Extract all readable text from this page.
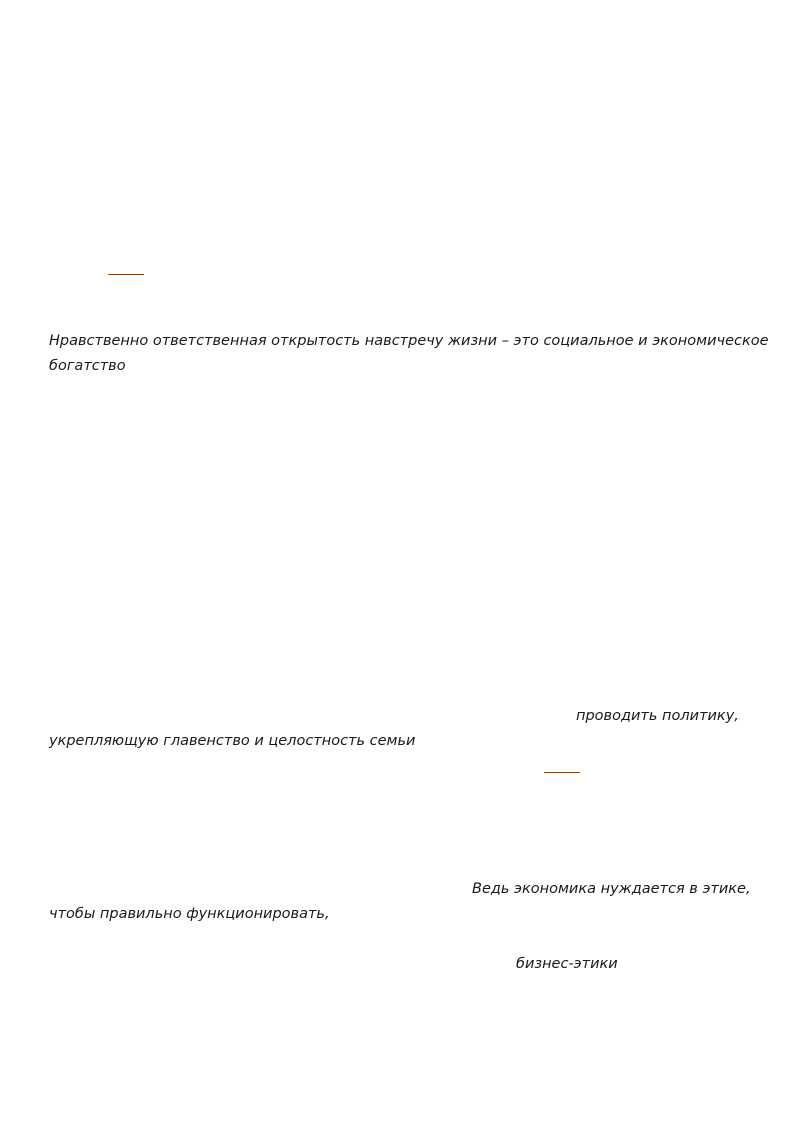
Нравственно ответственная открытость навстречу жизни – это социальное и экономическое
богатство
проводить политику,
укрепляющую главенство и целостность семьи
Ведь экономика нуждается в этике,
чтобы правильно функционировать,
бизнес-этики
